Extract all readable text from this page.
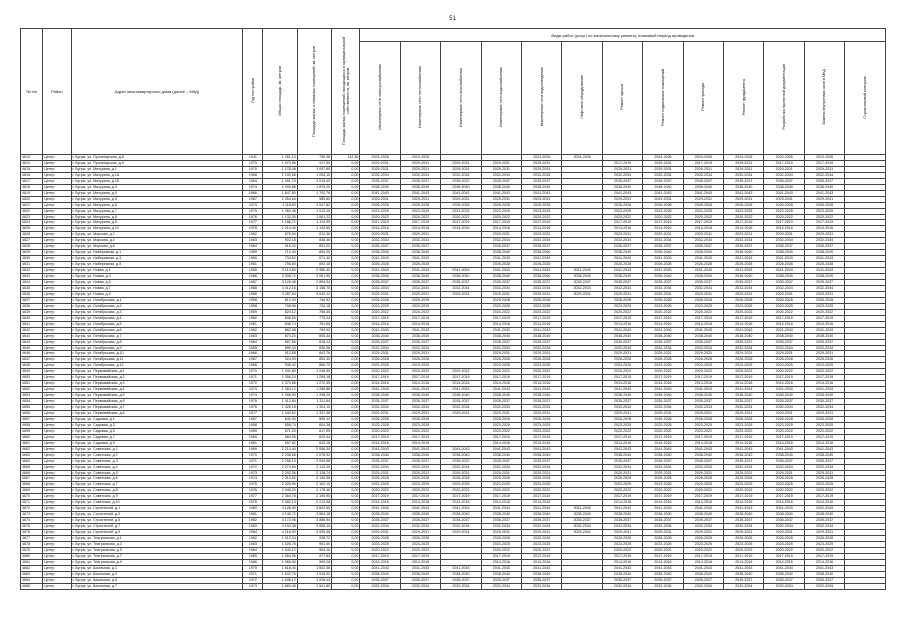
51
№ п/п	Район	Адрес многоквартирного дома (далее – МКД)	Год постройки	Общая площадь, кв. метров	Площадь жилых и нежилых помещений, кв. метров	Площадь жилых помещений, находящихся в муниципальной собственности, кв. метров	Виды работ (услуг) по капитальному ремонту, плановый период проведения												
							Инженерные сети электроснабжения	Инженерные сети теплоснабжения	Инженерные сети газоснабжения	Инженерные сети водоснабжения	Инженерные сети водоотведения	Лифтовое оборудование	Ремонт крыши	Ремонт подвальных помещений	Ремонт фасада	Ремонт фундамента	Разработка проектной документации	Замена внутренних окон в МКД	Строительный контроль
4613	Центр	г. Бугры, ул. Пролетарская, д.8	1941	1 261,14	795,36	112,36	2024-2026	2024-2026			2024-2026	2024-2026		2024-2026	2024-2026	2024-2026	2024-2026	2024-2026	
4614	Центр	г. Бугры, ул. Пролетарская, д.9	1970	1 073,56	417,50	0,00	2029-2031	2029-2031	2029-2031	2029-2031	2029-2031		2017-2019	2029-2031	2017-2019	2029-2031	2017-2019	2017-2019	
4615	Центр	г. Бугры, ул. Мичурина, д.1	1970	1 178,48	1 097,60	0,00	2029-2031	2029-2031	2029-2031	2029-2031	2029-2031		2029-2031	2029-2031	2029-2031	2029-2031	2029-2031	2029-2031	
4616	Центр	г. Бугры, ул. Мичурина, д.1А	1968	1 190,58	1 094,10	0,00	2032-2034	2032-2034	2032-2034	2032-2034	2032-2034		2032-2034	2032-2034	2032-2034	2032-2034	2032-2034	2032-2034	
4617	Центр	г. Бугры, ул. Мичурина, д.1Б	1964	1 491,70	1 015,40	0,00	2035-2037	2035-2037	2035-2037	2035-2037	2035-2037		2035-2037	2035-2037	2035-2037	2035-2037	2035-2037	2035-2037	
4618	Центр	г. Бугры, ул. Мичурина, д.3	1974	2 095,86	1 875,20	0,00	2038-2040	2038-2040	2038-2040	2038-2040	2038-2040		2038-2040	2038-2040	2038-2040	2038-2040	2038-2040	2038-2040	
4619	Центр	г. Бугры, ул. Мичурина, д.4	1966	1 847,80	1 702,76	0,00	2041-2043	2041-2043	2041-2043	2041-2043	2041-2043		2041-2043	2041-2043	2041-2043	2041-2043	2041-2043	2041-2043	
4620	Центр	г. Бугры, ул. Мичурина, д.5	1967	1 054,64	985,60	0,00	2029-2031	2029-2031	2029-2031	2029-2031	2029-2031		2029-2031	2029-2031	2029-2031	2029-2031	2029-2031	2029-2031	
4621	Центр	г. Бугры, ул. Мичурина, д.6	1973	1 118,60	1 047,82	0,00	2026-2028	2026-2028	2026-2028	2026-2028	2026-2028		2026-2028	2026-2028	2026-2028	2026-2028	2026-2028	2026-2028	
4622	Центр	г. Бугры, ул. Мичурина, д.7	1975	1 082,46	1 012,10	0,00	2023-2025	2023-2025	2023-2025	2023-2025	2023-2025		2023-2025	2023-2025	2023-2025	2023-2025	2023-2025	2023-2025	
4623	Центр	г. Бугры, ул. Мичурина, д.8	1976	1 132,30	1 061,22	0,00	2020-2022	2020-2022	2020-2022	2020-2022	2020-2022		2020-2022	2020-2022	2020-2022	2020-2022	2020-2022	2020-2022	
4624	Центр	г. Бугры, ул. Мичурина, д.9	1977	1 186,72	1 114,90	0,00	2017-2019	2017-2019	2017-2019	2017-2019	2017-2019		2017-2019	2017-2019	2017-2019	2017-2019	2017-2019	2017-2019	
4625	Центр	г. Бугры, ул. Мичурина, д.10	1978	1 214,40	1 142,60	0,00	2014-2016	2014-2016	2014-2016	2014-2016	2014-2016		2014-2016	2014-2016	2014-2016	2014-2016	2014-2016	2014-2016	
4626	Центр	г. Бугры, ул. Морская, д.2	1962	876,54	812,36	0,00	2029-2031	2029-2031		2029-2031	2029-2031		2029-2031	2029-2031	2029-2031	2029-2031	2029-2031	2029-2031	
4627	Центр	г. Бугры, ул. Морская, д.4	1963	902,18	838,46	0,00	2032-2034	2032-2034		2032-2034	2032-2034		2032-2034	2032-2034	2032-2034	2032-2034	2032-2034	2032-2034	
4628	Центр	г. Бугры, ул. Морская, д.6	1964	918,32	851,20	0,00	2035-2037	2035-2037		2035-2037	2035-2037		2035-2037	2035-2037	2035-2037	2035-2037	2035-2037	2035-2037	
4629	Центр	г. Бугры, ул. Набережная, д.1	1959	712,40	654,20	0,00	2038-2040	2038-2040		2038-2040	2038-2040		2038-2040	2038-2040	2038-2040	2038-2040	2038-2040	2038-2040	
4630	Центр	г. Бугры, ул. Набережная, д.3	1960	734,62	671,40	0,00	2041-2043	2041-2043		2041-2043	2041-2043		2041-2043	2041-2043	2041-2043	2041-2043	2041-2043	2041-2043	
4631	Центр	г. Бугры, ул. Набережная, д.5	1961	756,80	692,18	0,00	2026-2028	2026-2028		2026-2028	2026-2028		2026-2028	2026-2028	2026-2028	2026-2028	2026-2028	2026-2028	
4632	Центр	г. Бугры, ул. Новая, д.1	1985	3 214,60	2 980,40	0,00	2041-2043	2041-2043	2041-2043	2041-2043	2041-2043	2041-2043	2041-2043	2041-2043	2041-2043	2041-2043	2041-2043	2041-2043	
4633	Центр	г. Бугры, ул. Новая, д.3	1986	3 308,72	3 061,90	0,00	2038-2040	2038-2040	2038-2040	2038-2040	2038-2040	2038-2040	2038-2040	2038-2040	2038-2040	2038-2040	2038-2040	2038-2040	
4634	Центр	г. Бугры, ул. Новая, д.5	1987	3 126,48	2 894,34	0,00	2035-2037	2035-2037	2035-2037	2035-2037	2035-2037	2035-2037	2035-2037	2035-2037	2035-2037	2035-2037	2035-2037	2035-2037	
4635	Центр	г. Бугры, ул. Новая, д.7	1988	3 412,16	3 158,70	0,00	2032-2034	2032-2034	2032-2034	2032-2034	2032-2034	2032-2034	2032-2034	2032-2034	2032-2034	2032-2034	2032-2034	2032-2034	
4636	Центр	г. Бугры, ул. Новая, д.9	1989	3 287,94	3 042,12	0,00	2029-2031	2029-2031	2029-2031	2029-2031	2029-2031	2029-2031	2029-2031	2029-2031	2029-2031	2029-2031	2029-2031	2029-2031	
4637	Центр	г. Бугры, ул. Октябрьская, д.1	1958	812,30	746,52	0,00	2026-2028	2026-2028		2026-2028	2026-2028		2026-2028	2026-2028	2026-2028	2026-2028	2026-2028	2026-2028	
4638	Центр	г. Бугры, ул. Октябрьская, д.2	1958	798,46	734,18	0,00	2023-2025	2023-2025		2023-2025	2023-2025		2023-2025	2023-2025	2023-2025	2023-2025	2023-2025	2023-2025	
4639	Центр	г. Бугры, ул. Октябрьская, д.3	1959	824,12	758,30	0,00	2020-2022	2020-2022		2020-2022	2020-2022		2020-2022	2020-2022	2020-2022	2020-2022	2020-2022	2020-2022	
4640	Центр	г. Бугры, ул. Октябрьская, д.4	1960	836,50	770,24	0,00	2017-2019	2017-2019		2017-2019	2017-2019		2017-2019	2017-2019	2017-2019	2017-2019	2017-2019	2017-2019	
4641	Центр	г. Бугры, ул. Октябрьская, д.5	1961	848,74	781,66	0,00	2014-2016	2014-2016		2014-2016	2014-2016		2014-2016	2014-2016	2014-2016	2014-2016	2014-2016	2014-2016	
4642	Центр	г. Бугры, ул. Октябрьская, д.6	1962	862,08	794,90	0,00	2041-2043	2041-2043		2041-2043	2041-2043		2041-2043	2041-2043	2041-2043	2041-2043	2041-2043	2041-2043	
4643	Центр	г. Бугры, ул. Октябрьская, д.7	1963	874,20	806,44	0,00	2038-2040	2038-2040		2038-2040	2038-2040		2038-2040	2038-2040	2038-2040	2038-2040	2038-2040	2038-2040	
4644	Центр	г. Бугры, ул. Октябрьская, д.8	1964	887,66	818,12	0,00	2035-2037	2035-2037		2035-2037	2035-2037		2035-2037	2035-2037	2035-2037	2035-2037	2035-2037	2035-2037	
4645	Центр	г. Бугры, ул. Октябрьская, д.9	1965	899,34	830,08	0,00	2032-2034	2032-2034		2032-2034	2032-2034		2032-2034	2032-2034	2032-2034	2032-2034	2032-2034	2032-2034	
4646	Центр	г. Бугры, ул. Октябрьская, д.10	1966	912,58	842,76	0,00	2029-2031	2029-2031		2029-2031	2029-2031		2029-2031	2029-2031	2029-2031	2029-2031	2029-2031	2029-2031	
4647	Центр	г. Бугры, ул. Октябрьская, д.11	1967	924,90	854,30	0,00	2026-2028	2026-2028		2026-2028	2026-2028		2026-2028	2026-2028	2026-2028	2026-2028	2026-2028	2026-2028	
4648	Центр	г. Бугры, ул. Октябрьская, д.12	1968	938,42	866,70	0,00	2023-2025	2023-2025		2023-2025	2023-2025		2023-2025	2023-2025	2023-2025	2023-2025	2023-2025	2023-2025	
4649	Центр	г. Бугры, ул. Первомайская, д.1	1970	1 342,80	1 246,50	0,00	2020-2022	2020-2022	2020-2022	2020-2022	2020-2022		2020-2022	2020-2022	2020-2022	2020-2022	2020-2022	2020-2022	
4650	Центр	г. Бугры, ул. Первомайская, д.2	1971	1 356,24	1 259,18	0,00	2017-2019	2017-2019	2017-2019	2017-2019	2017-2019		2017-2019	2017-2019	2017-2019	2017-2019	2017-2019	2017-2019	
4651	Центр	г. Бугры, ул. Первомайская, д.3	1972	1 370,66	1 272,40	0,00	2014-2016	2014-2016	2014-2016	2014-2016	2014-2016		2014-2016	2014-2016	2014-2016	2014-2016	2014-2016	2014-2016	
4652	Центр	г. Бугры, ул. Первомайская, д.4	1973	1 384,12	1 285,86	0,00	2041-2043	2041-2043	2041-2043	2041-2043	2041-2043		2041-2043	2041-2043	2041-2043	2041-2043	2041-2043	2041-2043	
4653	Центр	г. Бугры, ул. Первомайская, д.5	1974	1 398,50	1 298,20	0,00	2038-2040	2038-2040	2038-2040	2038-2040	2038-2040		2038-2040	2038-2040	2038-2040	2038-2040	2038-2040	2038-2040	
4654	Центр	г. Бугры, ул. Первомайская, д.6	1975	1 412,84	1 311,64	0,00	2035-2037	2035-2037	2035-2037	2035-2037	2035-2037		2035-2037	2035-2037	2035-2037	2035-2037	2035-2037	2035-2037	
4655	Центр	г. Бугры, ул. Первомайская, д.7	1976	1 426,18	1 324,10	0,00	2032-2034	2032-2034	2032-2034	2032-2034	2032-2034		2032-2034	2032-2034	2032-2034	2032-2034	2032-2034	2032-2034	
4656	Центр	г. Бугры, ул. Первомайская, д.8	1977	1 440,62	1 337,48	0,00	2029-2031	2029-2031	2029-2031	2029-2031	2029-2031		2029-2031	2029-2031	2029-2031	2029-2031	2029-2031	2029-2031	
4657	Центр	г. Бугры, ул. Садовая, д.1	1957	642,30	590,12	0,00	2026-2028	2026-2028		2026-2028	2026-2028		2026-2028	2026-2028	2026-2028	2026-2028	2026-2028	2026-2028	
4658	Центр	г. Бугры, ул. Садовая, д.3	1958	658,74	604,38	0,00	2023-2025	2023-2025		2023-2025	2023-2025		2023-2025	2023-2025	2023-2025	2023-2025	2023-2025	2023-2025	
4659	Центр	г. Бугры, ул. Садовая, д.5	1959	671,20	617,90	0,00	2020-2022	2020-2022		2020-2022	2020-2022		2020-2022	2020-2022	2020-2022	2020-2022	2020-2022	2020-2022	
4660	Центр	г. Бугры, ул. Садовая, д.7	1960	684,56	629,44	0,00	2017-2019	2017-2019		2017-2019	2017-2019		2017-2019	2017-2019	2017-2019	2017-2019	2017-2019	2017-2019	
4661	Центр	г. Бугры, ул. Садовая, д.9	1961	697,82	642,16	0,00	2014-2016	2014-2016		2014-2016	2014-2016		2014-2016	2014-2016	2014-2016	2014-2016	2014-2016	2014-2016	
4662	Центр	г. Бугры, ул. Советская, д.1	1969	2 214,40	2 056,30	0,00	2041-2043	2041-2043	2041-2043	2041-2043	2041-2043		2041-2043	2041-2043	2041-2043	2041-2043	2041-2043	2041-2043	
4663	Центр	г. Бугры, ул. Советская, д.2	1970	2 238,66	2 078,92	0,00	2038-2040	2038-2040	2038-2040	2038-2040	2038-2040		2038-2040	2038-2040	2038-2040	2038-2040	2038-2040	2038-2040	
4664	Центр	г. Бугры, ул. Советская, д.3	1971	2 256,10	2 094,58	0,00	2035-2037	2035-2037	2035-2037	2035-2037	2035-2037		2035-2037	2035-2037	2035-2037	2035-2037	2035-2037	2035-2037	
4665	Центр	г. Бугры, ул. Советская, д.4	1972	2 274,84	2 112,20	0,00	2032-2034	2032-2034	2032-2034	2032-2034	2032-2034		2032-2034	2032-2034	2032-2034	2032-2034	2032-2034	2032-2034	
4666	Центр	г. Бугры, ул. Советская, д.5	1973	2 292,36	2 128,74	0,00	2029-2031	2029-2031	2029-2031	2029-2031	2029-2031		2029-2031	2029-2031	2029-2031	2029-2031	2029-2031	2029-2031	
4667	Центр	г. Бугры, ул. Советская, д.6	1974	2 310,52	2 145,38	0,00	2026-2028	2026-2028	2026-2028	2026-2028	2026-2028		2026-2028	2026-2028	2026-2028	2026-2028	2026-2028	2026-2028	
4668	Центр	г. Бугры, ул. Советская, д.7	1975	2 328,96	2 162,10	0,00	2023-2025	2023-2025	2023-2025	2023-2025	2023-2025		2023-2025	2023-2025	2023-2025	2023-2025	2023-2025	2023-2025	
4669	Центр	г. Бугры, ул. Советская, д.8	1976	2 346,20	2 178,46	0,00	2020-2022	2020-2022	2020-2022	2020-2022	2020-2022		2020-2022	2020-2022	2020-2022	2020-2022	2020-2022	2020-2022	
4670	Центр	г. Бугры, ул. Советская, д.9	1977	2 364,78	2 195,90	0,00	2017-2019	2017-2019	2017-2019	2017-2019	2017-2019		2017-2019	2017-2019	2017-2019	2017-2019	2017-2019	2017-2019	
4671	Центр	г. Бугры, ул. Советская, д.10	1978	2 382,14	2 212,08	0,00	2014-2016	2014-2016	2014-2016	2014-2016	2014-2016		2014-2016	2014-2016	2014-2016	2014-2016	2014-2016	2014-2016	
4672	Центр	г. Бугры, ул. Строителей, д.1	1980	4 126,40	3 842,60	0,00	2041-2043	2041-2043	2041-2043	2041-2043	2041-2043	2041-2043	2041-2043	2041-2043	2041-2043	2041-2043	2041-2043	2041-2043	
4673	Центр	г. Бугры, ул. Строителей, д.3	1981	4 148,72	3 864,18	0,00	2038-2040	2038-2040	2038-2040	2038-2040	2038-2040	2038-2040	2038-2040	2038-2040	2038-2040	2038-2040	2038-2040	2038-2040	
4674	Центр	г. Бугры, ул. Строителей, д.5	1982	4 172,06	3 886,54	0,00	2035-2037	2035-2037	2035-2037	2035-2037	2035-2037	2035-2037	2035-2037	2035-2037	2035-2037	2035-2037	2035-2037	2035-2037	
4675	Центр	г. Бугры, ул. Строителей, д.7	1983	4 194,38	3 908,10	0,00	2032-2034	2032-2034	2032-2034	2032-2034	2032-2034	2032-2034	2032-2034	2032-2034	2032-2034	2032-2034	2032-2034	2032-2034	
4676	Центр	г. Бугры, ул. Строителей, д.9	1984	4 216,90	3 930,46	0,00	2029-2031	2029-2031	2029-2031	2029-2031	2029-2031	2029-2031	2029-2031	2029-2031	2029-2031	2029-2031	2029-2031	2029-2031	
4677	Центр	г. Бугры, ул. Театральная, д.1	1962	1 012,34	938,72	0,00	2026-2028	2026-2028		2026-2028	2026-2028		2026-2028	2026-2028	2026-2028	2026-2028	2026-2028	2026-2028	
4678	Центр	г. Бугры, ул. Театральная, д.3	1963	1 026,78	951,40	0,00	2023-2025	2023-2025		2023-2025	2023-2025		2023-2025	2023-2025	2023-2025	2023-2025	2023-2025	2023-2025	
4679	Центр	г. Бугры, ул. Театральная, д.5	1964	1 040,12	964,16	0,00	2020-2022	2020-2022		2020-2022	2020-2022		2020-2022	2020-2022	2020-2022	2020-2022	2020-2022	2020-2022	
4680	Центр	г. Бугры, ул. Театральная, д.7	1965	1 054,56	977,84	0,00	2017-2019	2017-2019		2017-2019	2017-2019		2017-2019	2017-2019	2017-2019	2017-2019	2017-2019	2017-2019	
4681	Центр	г. Бугры, ул. Театральная, д.9	1966	1 068,90	990,28	0,00	2014-2016	2014-2016		2014-2016	2014-2016		2014-2016	2014-2016	2014-2016	2014-2016	2014-2016	2014-2016	
4682	Центр	г. Бугры, ул. Школьная, д.1	1970	1 618,40	1 502,36	0,00	2041-2043	2041-2043	2041-2043	2041-2043	2041-2043		2041-2043	2041-2043	2041-2043	2041-2043	2041-2043	2041-2043	
4683	Центр	г. Бугры, ул. Школьная, д.3	1971	1 632,76	1 515,90	0,00	2038-2040	2038-2040	2038-2040	2038-2040	2038-2040		2038-2040	2038-2040	2038-2040	2038-2040	2038-2040	2038-2040	
4684	Центр	г. Бугры, ул. Школьная, д.5	1972	1 646,12	1 528,44	0,00	2035-2037	2035-2037	2035-2037	2035-2037	2035-2037		2035-2037	2035-2037	2035-2037	2035-2037	2035-2037	2035-2037	
4685	Центр	г. Бугры, ул. Школьная, д.7	1973	1 660,48	1 541,80	0,00	2032-2034	2032-2034	2032-2034	2032-2034	2032-2034		2032-2034	2032-2034	2032-2034	2032-2034	2032-2034	2032-2034	
